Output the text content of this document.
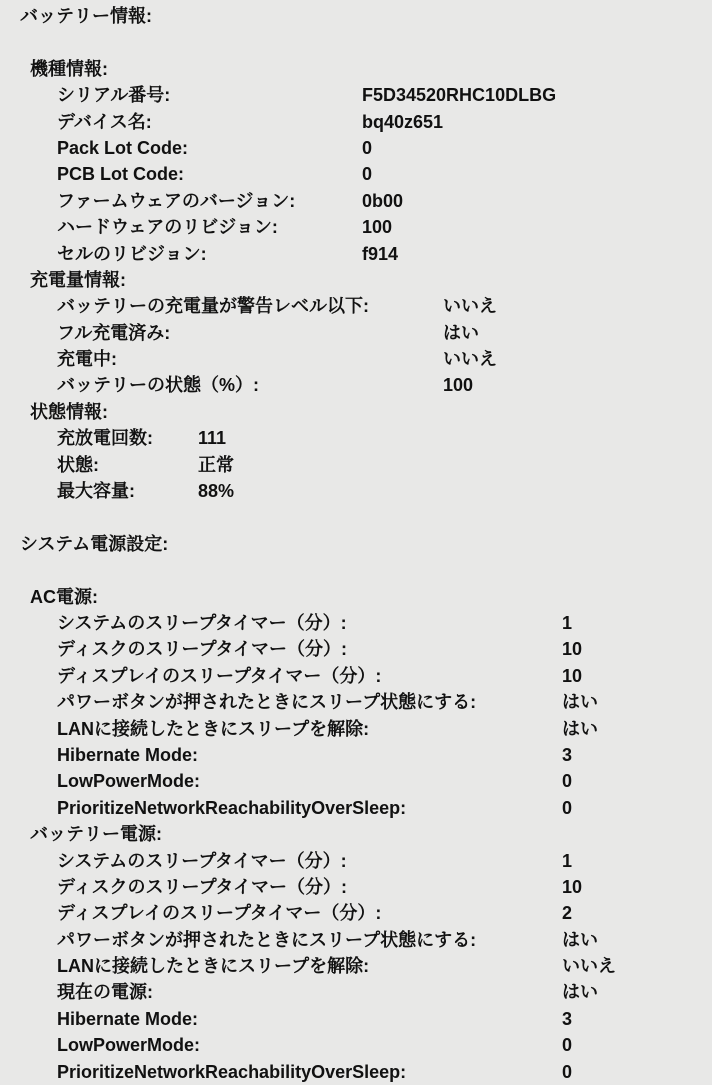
バッテリー情報:
機種情報:
シリアル番号:	F5D34520RHC10DLBG
デバイス名:	bq40z651
Pack Lot Code:	0
PCB Lot Code:	0
ファームウェアのバージョン:	0b00
ハードウェアのリビジョン:	100
セルのリビジョン:	f914
充電量情報:
バッテリーの充電量が警告レベル以下:	いいえ
フル充電済み:	はい
充電中:	いいえ
バッテリーの状態（%）:	100
状態情報:
充放電回数:	111
状態:	正常
最大容量:	88%
システム電源設定:
AC電源:
システムのスリープタイマー（分）:	1
ディスクのスリープタイマー（分）:	10
ディスプレイのスリープタイマー（分）:	10
パワーボタンが押されたときにスリープ状態にする:	はい
LANに接続したときにスリープを解除:	はい
Hibernate Mode:	3
LowPowerMode:	0
PrioritizeNetworkReachabilityOverSleep:	0
バッテリー電源:
システムのスリープタイマー（分）:	1
ディスクのスリープタイマー（分）:	10
ディスプレイのスリープタイマー（分）:	2
パワーボタンが押されたときにスリープ状態にする:	はい
LANに接続したときにスリープを解除:	いいえ
現在の電源:	はい
Hibernate Mode:	3
LowPowerMode:	0
PrioritizeNetworkReachabilityOverSleep:	0
